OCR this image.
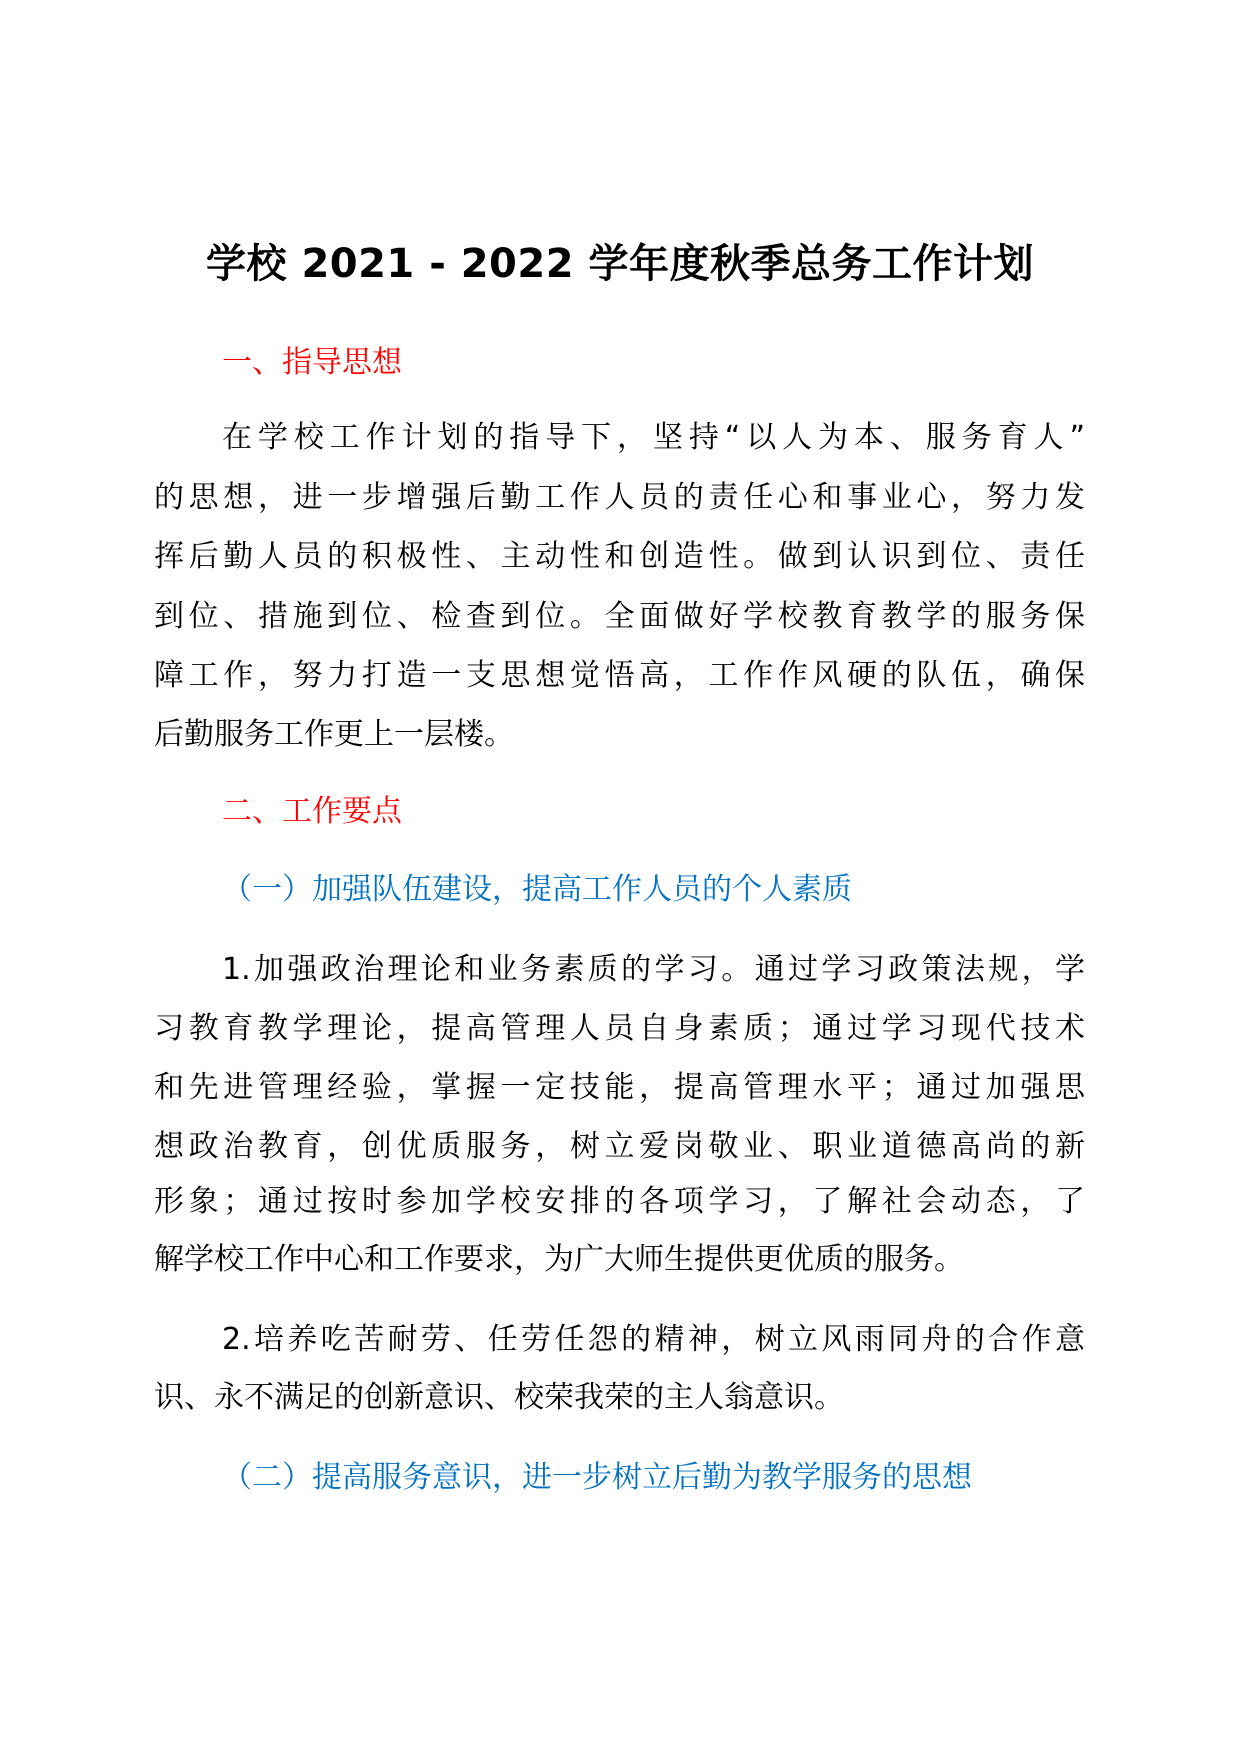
学校 2021 - 2022 学年度秋季总务工作计划
一、指导思想
在学校工作计划的指导下，坚持“以人为本、服务育人”
的思想，进一步增强后勤工作人员的责任心和事业心，努力发
挥后勤人员的积极性、主动性和创造性。做到认识到位、责任
到位、措施到位、检查到位。全面做好学校教育教学的服务保
障工作，努力打造一支思想觉悟高，工作作风硬的队伍，确保
后勤服务工作更上一层楼。
二、工作要点
（一）加强队伍建设，提高工作人员的个人素质
1.加强政治理论和业务素质的学习。通过学习政策法规，学
习教育教学理论，提高管理人员自身素质；通过学习现代技术
和先进管理经验，掌握一定技能，提高管理水平；通过加强思
想政治教育，创优质服务，树立爱岗敬业、职业道德高尚的新
形象；通过按时参加学校安排的各项学习，了解社会动态，了
解学校工作中心和工作要求，为广大师生提供更优质的服务。
2.培养吃苦耐劳、任劳任怨的精神，树立风雨同舟的合作意
识、永不满足的创新意识、校荣我荣的主人翁意识。
（二）提高服务意识，进一步树立后勤为教学服务的思想
